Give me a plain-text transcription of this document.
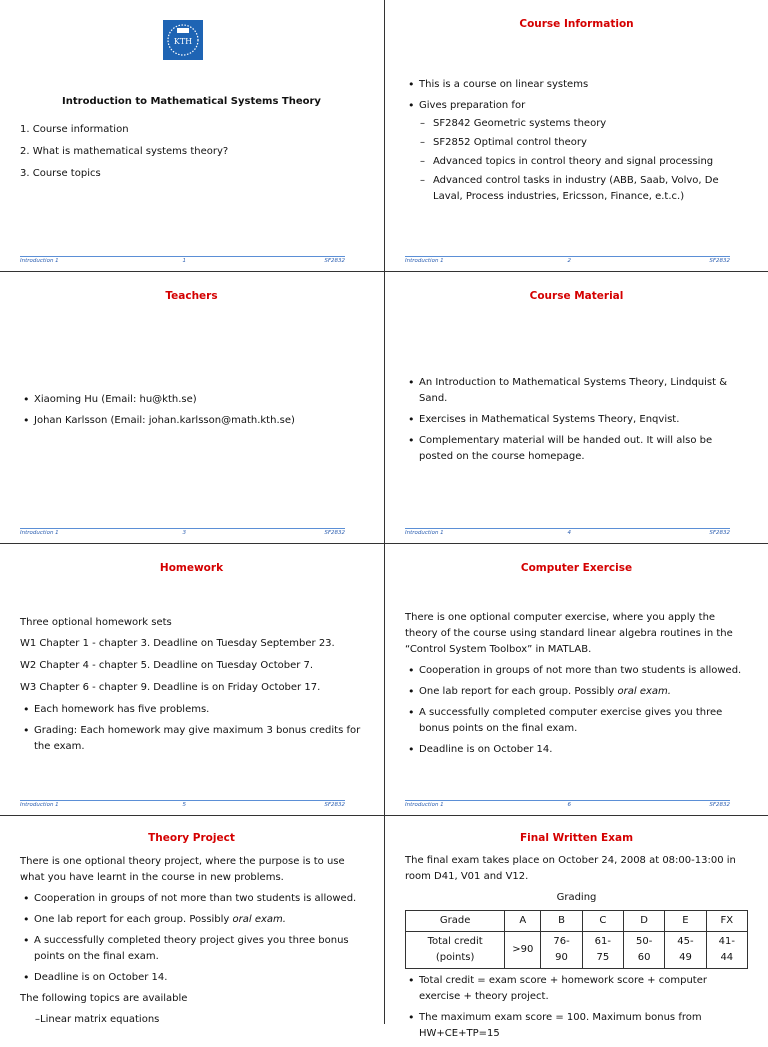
KTH
Introduction to Mathematical Systems Theory
1. Course information
2. What is mathematical systems theory?
3. Course topics
Introduction 1	1	SF2832
Course Information
• This is a course on linear systems
• Gives preparation for
– SF2842 Geometric systems theory
– SF2852 Optimal control theory
– Advanced topics in control theory and signal processing
– Advanced control tasks in industry (ABB, Saab, Volvo, De Laval, Process industries, Ericsson, Finance, e.t.c.)
Introduction 1	2	SF2832
Teachers
• Xiaoming Hu (Email: hu@kth.se)
• Johan Karlsson (Email: johan.karlsson@math.kth.se)
Introduction 1	3	SF2832
Course Material
• An Introduction to Mathematical Systems Theory, Lindquist & Sand.
• Exercises in Mathematical Systems Theory, Enqvist.
• Complementary material will be handed out. It will also be posted on the course homepage.
Introduction 1	4	SF2832
Homework

Three optional homework sets

W1 Chapter 1 - chapter 3. Deadline on Tuesday September 23.
W2 Chapter 4 - chapter 5. Deadline on Tuesday October 7.
W3 Chapter 6 - chapter 9. Deadline is on Friday October 17.
• Each homework has five problems.
• Grading: Each homework may give maximum 3 bonus credits for the exam.
Introduction 1	5	SF2832
Computer Exercise

There is one optional computer exercise, where you apply the theory of the course using standard linear algebra routines in the “Control System Toolbox” in MATLAB.

• Cooperation in groups of not more than two students is allowed.
• One lab report for each group. Possibly oral exam.
• A successfully completed computer exercise gives you three bonus points on the final exam.
• Deadline is on October 14.
Introduction 1	6	SF2832
Theory Project

There is one optional theory project, where the purpose is to use what you have learnt in the course in new problems.

• Cooperation in groups of not more than two students is allowed.
• One lab report for each group. Possibly oral exam.
• A successfully completed theory project gives you three bonus points on the final exam.
• Deadline is on October 14.

The following topics are available

– Linear matrix equations
Final Written Exam

The final exam takes place on October 24, 2008 at 08:00-13:00 in room D41, V01 and V12.

Grading
Grade	A	B	C	D	E	FX
Total credit (points)	>90	76-90	61-75	50-60	45-49	41-44
• Total credit = exam score + homework score + computer exercise + theory project.
• The maximum exam score = 100. Maximum bonus from HW+CE+TP=15
